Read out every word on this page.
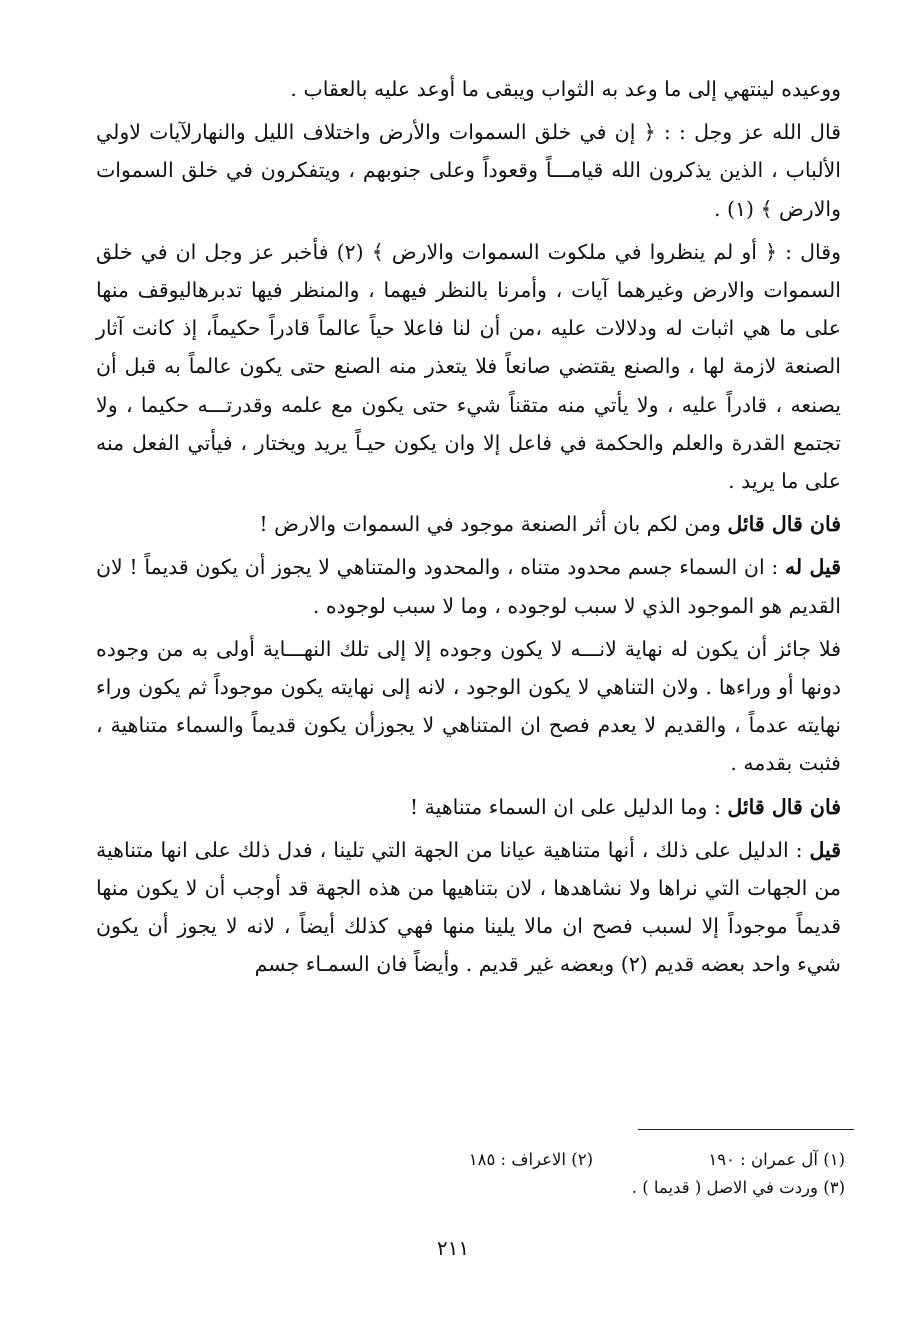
ووعيده لينتهي إلى ما وعد به الثواب ويبقى ما أوعد عليه بالعقاب .

قال الله عز وجل : : ﴿ إن في خلق السموات والأرض واختلاف الليل والنهارلآيات لاولي الألباب ، الذين يذكرون الله قيامـــاً وقعوداً وعلى جنوبهم ، ويتفكرون في خلق السموات والارض ﴾ (١) .

وقال : ﴿ أو لم ينظروا في ملكوت السموات والارض ﴾ (٢) فأخبر عز وجل ان في خلق السموات والارض وغيرهما آيات ، وأمرنا بالنظر فيهما ، والمنظر فيها تدبرهاليوقف منها على ما هي اثبات له ودلالات عليه ،من أن لنا فاعلا حياً عالماً قادراً حكيماً، إذ كانت آثار الصنعة لازمة لها ، والصنع يقتضي صانعاً فلا يتعذر منه الصنع حتى يكون عالماً به قبل أن يصنعه ، قادراً عليه ، ولا يأتي منه متقناً شيء حتى يكون مع علمه وقدرتـــه حكيما ، ولا تجتمع القدرة والعلم والحكمة في فاعل إلا وان يكون حيـاً يريد ويختار ، فيأتي الفعل منه على ما يريد .

فان قال قائل ومن لكم بان أثر الصنعة موجود في السموات والارض !

قيل له : ان السماء جسم محدود متناه ، والمحدود والمتناهي لا يجوز أن يكون قديماً ! لان القديم هو الموجود الذي لا سبب لوجوده ، وما لا سبب لوجوده .

فلا جائز أن يكون له نهاية لانـــه لا يكون وجوده إلا إلى تلك النهـــاية أولى به من وجوده دونها أو وراءها . ولان التناهي لا يكون الوجود ، لانه إلى نهايته يكون موجوداً ثم يكون وراء نهايته عدماً ، والقديم لا يعدم فصح ان المتناهي لا يجوزأن يكون قديماً والسماء متناهية ، فثبت بقدمه .

فان قال قائل : وما الدليل على ان السماء متناهية !

قيل : الدليل على ذلك ، أنها متناهية عيانا من الجهة التي تلينا ، فدل ذلك على انها متناهية من الجهات التي نراها ولا نشاهدها ، لان بتناهيها من هذه الجهة قد أوجب أن لا يكون منها قديماً موجوداً إلا لسبب فصح ان مالا يلينا منها فهي كذلك أيضاً ، لانه لا يجوز أن يكون شيء واحد بعضه قديم (٢) وبعضه غير قديم . وأيضاً فان السمـاء جسم

(١) آل عمران : ١٩٠
(٢) الاعراف : ١٨٥
(٣) وردت في الاصل ( قديما ) .
٢١١
